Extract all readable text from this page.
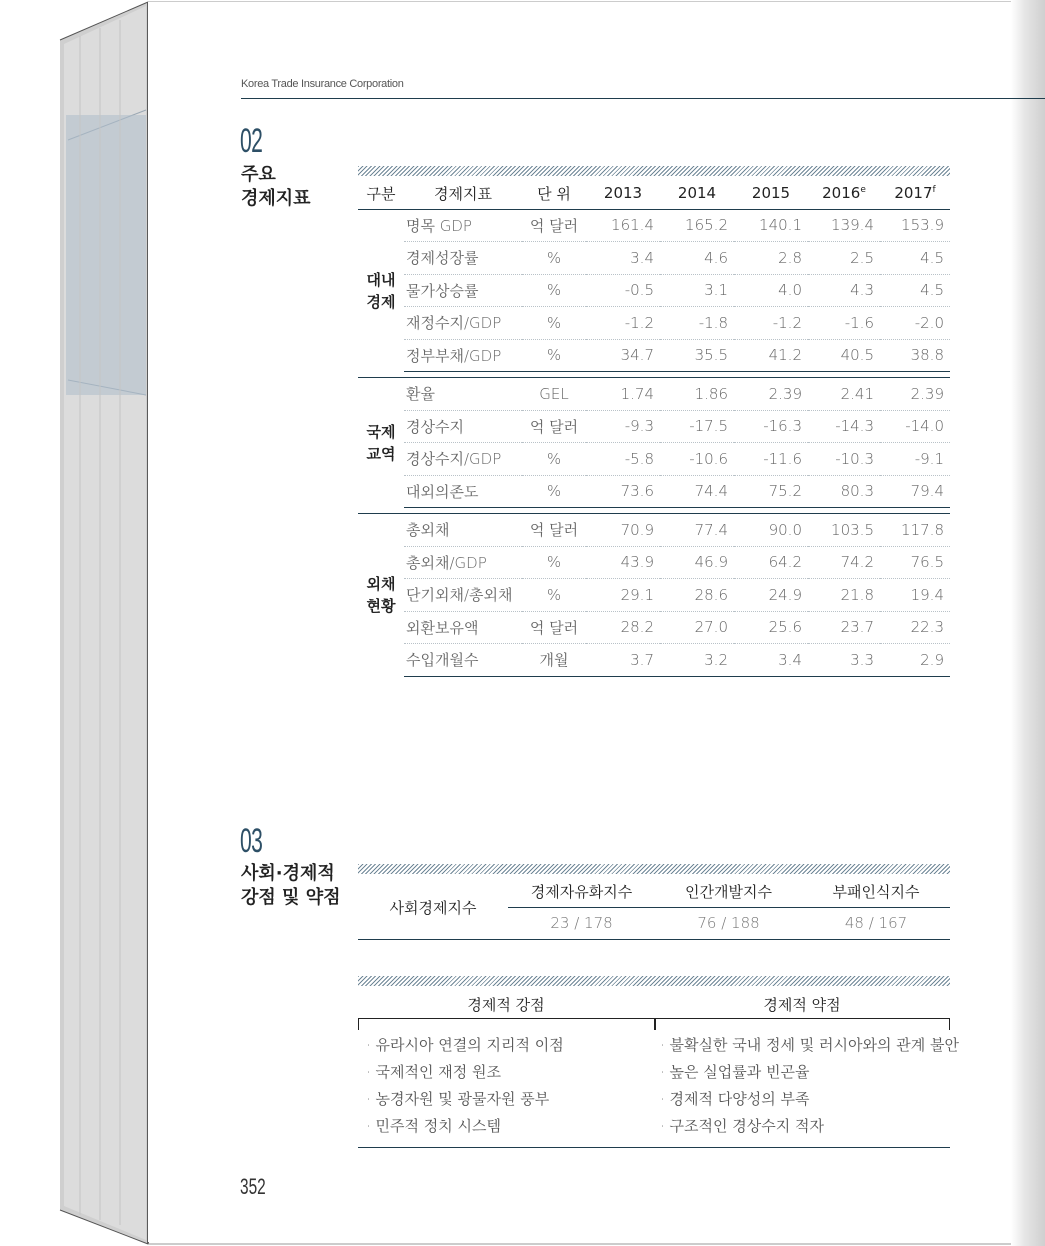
Korea Trade Insurance Corporation
02
주요
경제지표	구분	경제지표	단 위	2013	2014	2015	2016e	2017$^f$

대내
경제	명목 GDP	억 달러	161.4	165.2	140.1	139.4	153.9
	경제성장률	%	3.4	4.6	2.8	2.5	4.5
	물가상승률	%	-0.5	3.1	4.0	4.3	4.5
	재정수지/GDP	%	-1.2	-1.8	-1.2	-1.6	-2.0
	정부부채/GDP	%	34.7	35.5	41.2	40.5	38.8

국제
교역	환율	GEL	1.74	1.86	2.39	2.41	2.39
	경상수지	억 달러	-9.3	-17.5	-16.3	-14.3	-14.0
	경상수지/GDP	%	-5.8	-10.6	-11.6	-10.3	-9.1
	대외의존도	%	73.6	74.4	75.2	80.3	79.4

외채
현황	총외채	억 달러	70.9	77.4	90.0	103.5	117.8
	총외채/GDP	%	43.9	46.9	64.2	74.2	76.5
	단기외채/총외채	%	29.1	28.6	24.9	21.8	19.4
	외환보유액	억 달러	28.2	27.0	25.6	23.7	22.3
	수입개월수	개월	3.7	3.2	3.4	3.3	2.9
03
사회·경제적
강점 및 약점	사회경제지수	경제자유화지수	인간개발지수	부패인식지수
	23 / 178	76 / 188	48 / 167
경제적 강점	경제적 약점
· 유라시아 연결의 지리적 이점
· 국제적인 재정 원조
· 농경자원 및 광물자원 풍부
· 민주적 정치 시스템
· 불확실한 국내 정세 및 러시아와의 관계 불안
· 높은 실업률과 빈곤율
· 경제적 다양성의 부족
· 구조적인 경상수지 적자
352
